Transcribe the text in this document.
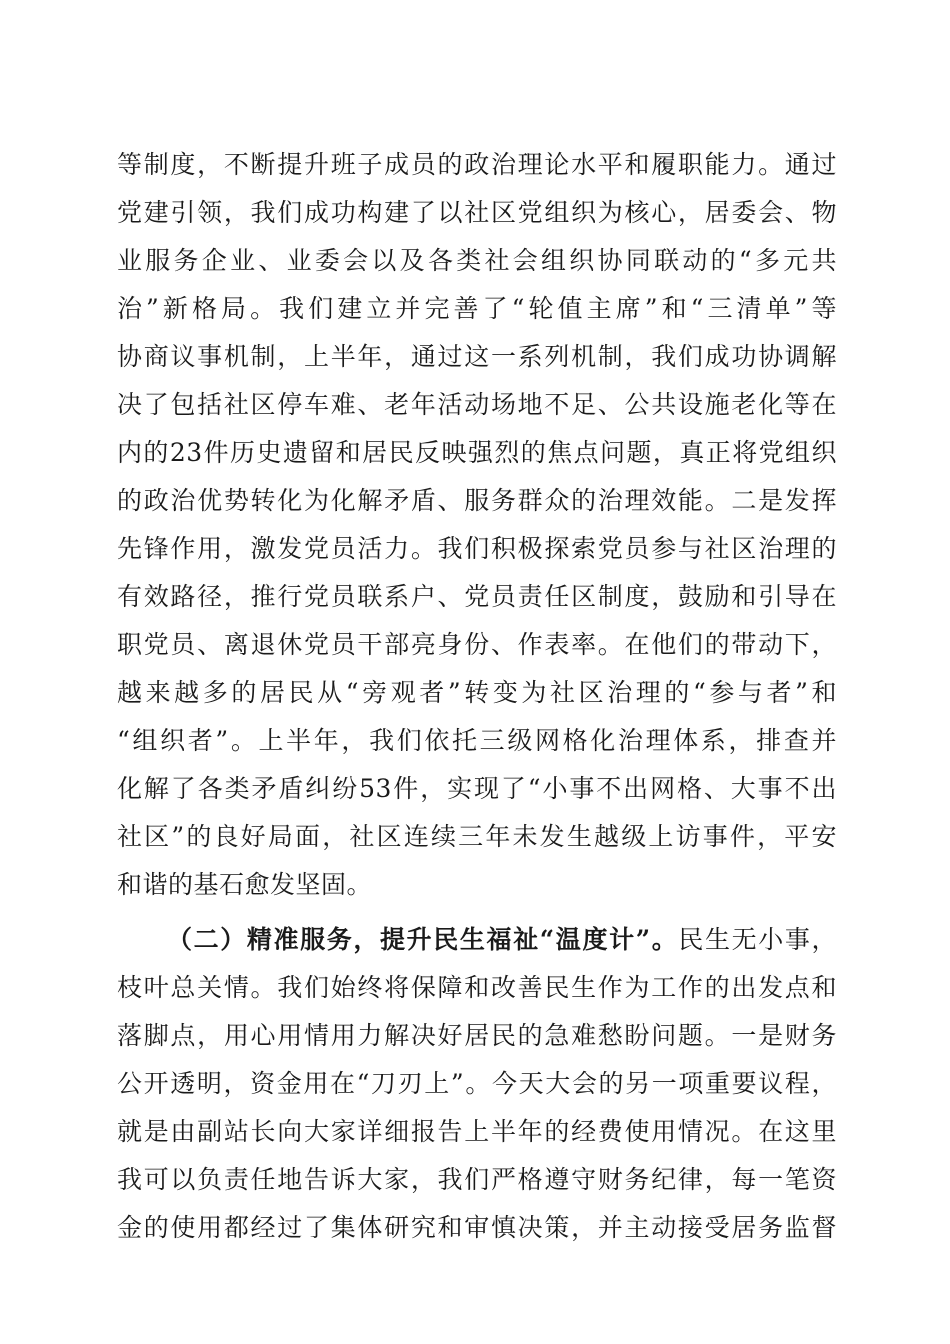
等制度，不断提升班子成员的政治理论水平和履职能力。通过
党建引领，我们成功构建了以社区党组织为核心，居委会、物
业服务企业、业委会以及各类社会组织协同联动的“多元共
治”新格局。我们建立并完善了“轮值主席”和“三清单”等
协商议事机制，上半年，通过这一系列机制，我们成功协调解
决了包括社区停车难、老年活动场地不足、公共设施老化等在
内的23件历史遗留和居民反映强烈的焦点问题，真正将党组织
的政治优势转化为化解矛盾、服务群众的治理效能。二是发挥
先锋作用，激发党员活力。我们积极探索党员参与社区治理的
有效路径，推行党员联系户、党员责任区制度，鼓励和引导在
职党员、离退休党员干部亮身份、作表率。在他们的带动下，
越来越多的居民从“旁观者”转变为社区治理的“参与者”和
“组织者”。上半年，我们依托三级网格化治理体系，排查并
化解了各类矛盾纠纷53件，实现了“小事不出网格、大事不出
社区”的良好局面，社区连续三年未发生越级上访事件，平安
和谐的基石愈发坚固。
（二）精准服务，提升民生福祉“温度计”。民生无小事，
枝叶总关情。我们始终将保障和改善民生作为工作的出发点和
落脚点，用心用情用力解决好居民的急难愁盼问题。一是财务
公开透明，资金用在“刀刃上”。今天大会的另一项重要议程，
就是由副站长向大家详细报告上半年的经费使用情况。在这里
我可以负责任地告诉大家，我们严格遵守财务纪律，每一笔资
金的使用都经过了集体研究和审慎决策，并主动接受居务监督
